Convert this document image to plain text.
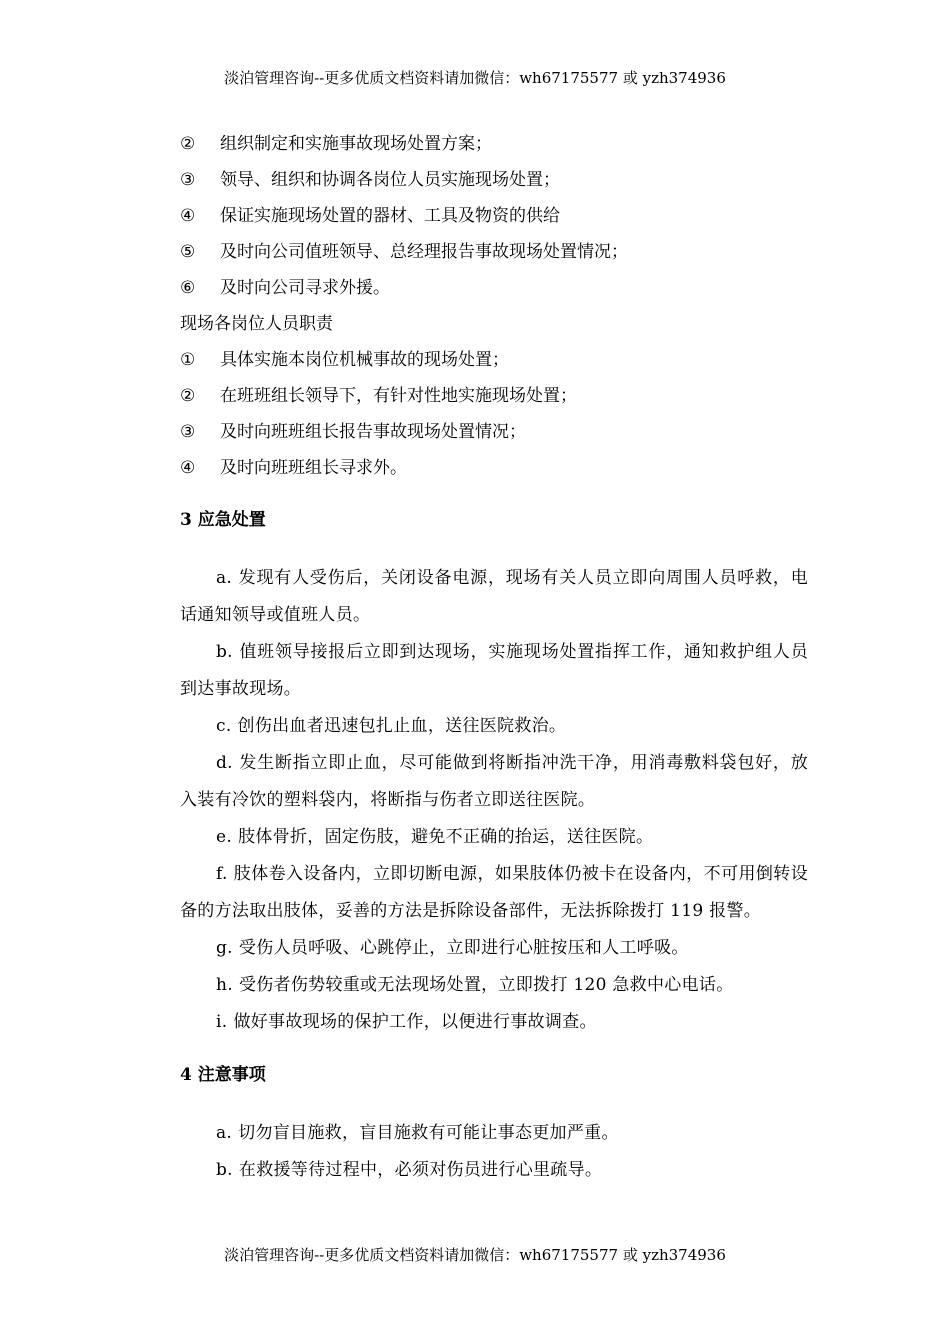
淡泊管理咨询--更多优质文档资料请加微信：wh67175577 或 yzh374936
②	组织制定和实施事故现场处置方案；
③	领导、组织和协调各岗位人员实施现场处置；
④	保证实施现场处置的器材、工具及物资的供给
⑤	及时向公司值班领导、总经理报告事故现场处置情况；
⑥	及时向公司寻求外援。
现场各岗位人员职责
①	具体实施本岗位机械事故的现场处置；
②	在班班组长领导下，有针对性地实施现场处置；
③	及时向班班组长报告事故现场处置情况；
④	及时向班班组长寻求外。
3 应急处置

a. 发现有人受伤后，关闭设备电源，现场有关人员立即向周围人员呼救，电话通知领导或值班人员。

b. 值班领导接报后立即到达现场，实施现场处置指挥工作，通知救护组人员到达事故现场。

c. 创伤出血者迅速包扎止血，送往医院救治。

d. 发生断指立即止血，尽可能做到将断指冲洗干净，用消毒敷料袋包好，放入装有冷饮的塑料袋内，将断指与伤者立即送往医院。

e. 肢体骨折，固定伤肢，避免不正确的抬运，送往医院。

f. 肢体卷入设备内，立即切断电源，如果肢体仍被卡在设备内，不可用倒转设备的方法取出肢体，妥善的方法是拆除设备部件，无法拆除拨打 119 报警。

g. 受伤人员呼吸、心跳停止，立即进行心脏按压和人工呼吸。

h. 受伤者伤势较重或无法现场处置，立即拨打 120 急救中心电话。

i. 做好事故现场的保护工作，以便进行事故调查。

4 注意事项

a. 切勿盲目施救，盲目施救有可能让事态更加严重。

b. 在救援等待过程中，必须对伤员进行心里疏导。

淡泊管理咨询--更多优质文档资料请加微信：wh67175577 或 yzh374936
